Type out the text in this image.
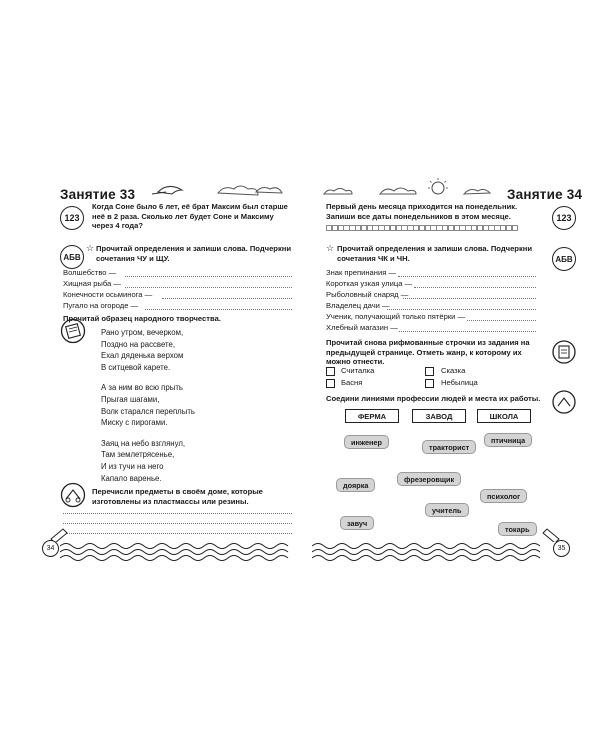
Занятие 33
123
Когда Соне было 6 лет, её брат Максим был старше неё в 2 раза. Сколько лет будет Соне и Максиму через 4 года?
АБВ
☆ Прочитай определения и запиши слова. Подчеркни сочетания ЧУ и ЩУ.
Волшебство —
Хищная рыба —
Конечности осьминога —
Пугало на огороде —
Прочитай образец народного творчества.
Рано утром, вечерком,
Поздно на рассвете,
Ехал дяденька верхом
В ситцевой карете.
А за ним во всю прыть
Прыгая шагами,
Волк старался переплыть
Миску с пирогами.
Заяц на небо взглянул,
Там землетрясенье,
И из тучи на него
Капало варенье.
Перечисли предметы в своём доме, которые изготовлены из пластмассы или резины.
34
Занятие 34
Первый день месяца приходится на понедельник. Запиши все даты понедельников в этом месяце.	123
☆ Прочитай определения и запиши слова. Подчеркни сочетания ЧК и ЧН.	АБВ
Знак препинания —
Короткая узкая улица —
Рыболовный снаряд —
Владелец дачи —
Ученик, получающий только пятёрки —
Хлебный магазин —
Прочитай снова рифмованные строчки из задания на предыдущей странице. Отметь жанр, к которому их можно отнести.
Считалка	Сказка
Басня	Небылица
Соедини линиями профессии людей и места их работы.
ФЕРМА	ЗАВОД	ШКОЛА
инженер
тракторист
птичница
доярка
фрезеровщик
психолог
учитель
завуч
токарь
35
